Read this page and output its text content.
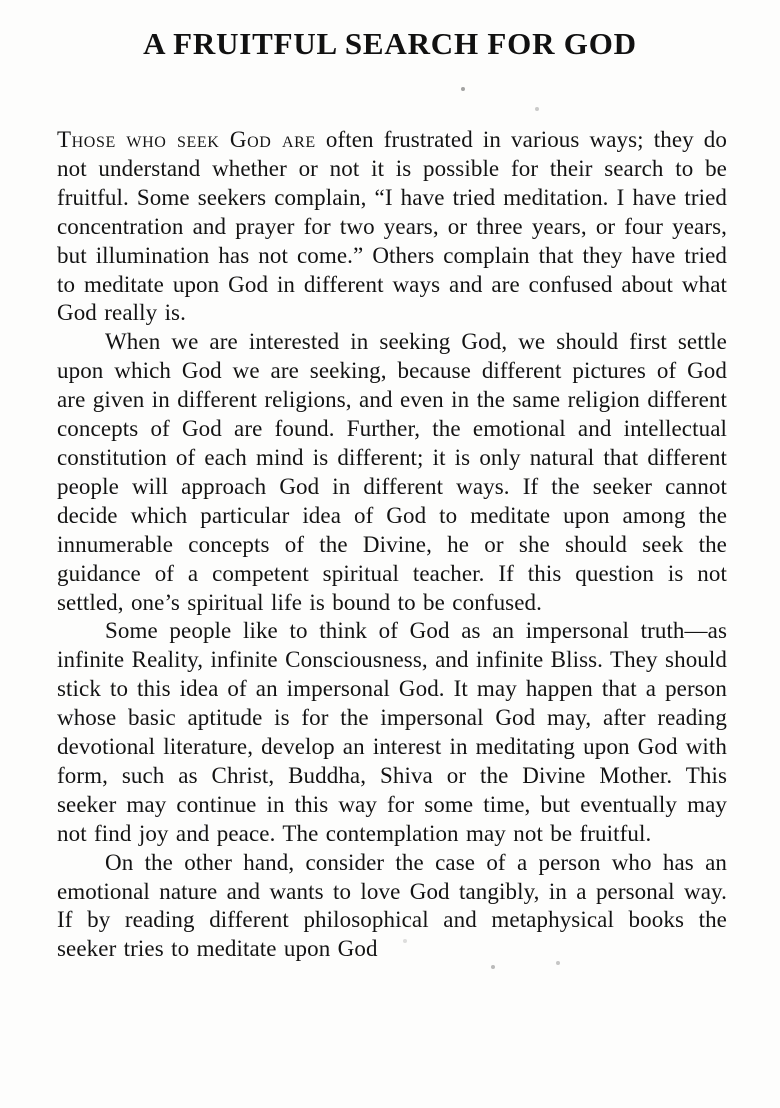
A FRUITFUL SEARCH FOR GOD

Those who seek God are often frustrated in various ways; they do not understand whether or not it is possible for their search to be fruitful. Some seekers complain, “I have tried meditation. I have tried concentration and prayer for two years, or three years, or four years, but illumination has not come.” Others complain that they have tried to meditate upon God in different ways and are confused about what God really is.

When we are interested in seeking God, we should first settle upon which God we are seeking, because different pictures of God are given in different religions, and even in the same religion different concepts of God are found. Further, the emotional and intellectual constitution of each mind is different; it is only natural that different people will approach God in different ways. If the seeker cannot decide which particular idea of God to meditate upon among the innumerable concepts of the Divine, he or she should seek the guidance of a competent spiritual teacher. If this question is not settled, one’s spiritual life is bound to be confused.

Some people like to think of God as an impersonal truth—as infinite Reality, infinite Consciousness, and infinite Bliss. They should stick to this idea of an impersonal God. It may happen that a person whose basic aptitude is for the impersonal God may, after reading devotional literature, develop an interest in meditating upon God with form, such as Christ, Buddha, Shiva or the Divine Mother. This seeker may continue in this way for some time, but eventually may not find joy and peace. The contemplation may not be fruitful.

On the other hand, consider the case of a person who has an emotional nature and wants to love God tangibly, in a personal way. If by reading different philosophical and metaphysical books the seeker tries to meditate upon God
